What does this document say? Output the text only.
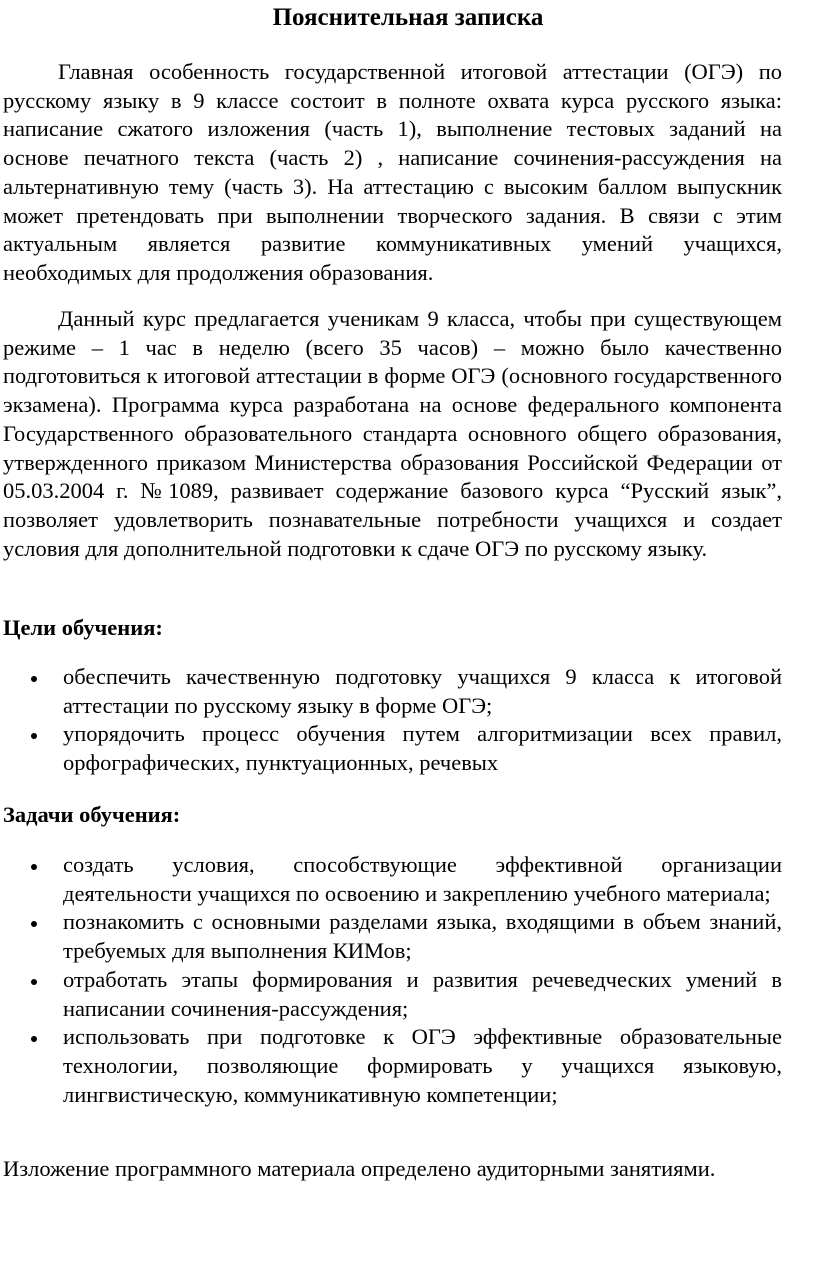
Пояснительная записка

Главная особенность государственной итоговой аттестации (ОГЭ) по русскому языку в 9 классе состоит в полноте охвата курса русского языка: написание сжатого изложения (часть 1), выполнение тестовых заданий на основе печатного текста (часть 2) , написание сочинения-рассуждения на альтернативную тему (часть 3). На аттестацию с высоким баллом выпускник может претендовать при выполнении творческого задания. В связи с этим актуальным является развитие коммуникативных умений учащихся, необходимых для продолжения образования.

Данный курс предлагается ученикам 9 класса, чтобы при существующем режиме – 1 час в неделю (всего 35 часов) – можно было качественно подготовиться к итоговой аттестации в форме ОГЭ (основного государственного экзамена). Программа курса разработана на основе федерального компонента Государственного образовательного стандарта основного общего образования, утвержденного приказом Министерства образования Российской Федерации от 05.03.2004 г. №1089, развивает содержание базового курса “Русский язык”, позволяет удовлетворить познавательные потребности учащихся и создает условия для дополнительной подготовки к сдаче ОГЭ по русскому языку.

Цели обучения:
обеспечить качественную подготовку учащихся 9 класса к итоговой аттестации по русскому языку в форме ОГЭ;
упорядочить процесс обучения путем алгоритмизации всех правил, орфографических, пунктуационных, речевых
Задачи обучения:
создать условия, способствующие эффективной организации деятельности учащихся по освоению и закреплению учебного материала;
познакомить с основными разделами языка, входящими в объем знаний, требуемых для выполнения КИМов;
отработать этапы формирования и развития речеведческих умений в написании сочинения-рассуждения;
использовать при подготовке к ОГЭ эффективные образовательные технологии, позволяющие формировать у учащихся языковую, лингвистическую, коммуникативную компетенции;

Изложение программного материала определено аудиторными занятиями.
